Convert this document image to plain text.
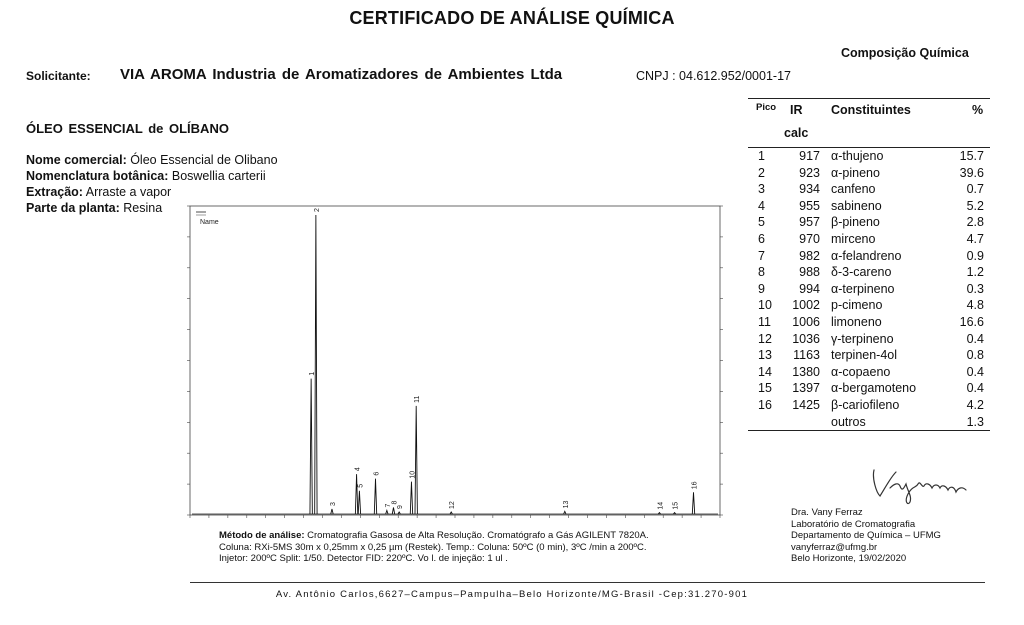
CERTIFICADO DE ANÁLISE QUÍMICA
Composição Química
Solicitante: VIA AROMA Industria de Aromatizadores de Ambientes Ltda	CNPJ : 04.612.952/0001-17
ÓLEO ESSENCIAL de OLÍBANO
Nome comercial: Óleo Essencial de Olibano
Nomenclatura botânica: Boswellia carterii
Extração: Arraste a vapor
Parte da planta: Resina
Pico IR
calc
Constituintes	%
1	917 α-thujeno	15.7
2	923 α-pineno	39.6
3	934 canfeno	0.7
4	955 sabineno	5.2
5	957 β-pineno	2.8
6	970 mirceno	4.7
7	982 α-felandreno	0.9
8	988 δ-3-careno	1.2
9	994 α-terpineno	0.3
10	1002 p-cimeno	4.8
11	1006 limoneno	16.6
12	1036 γ-terpineno	0.4
13	1163 terpinen-4ol	0.8
14	1380 α-copaeno	0.4
15	1397 α-bergamoteno	0.4
16	1425 β-cariofileno	4.2
outros	1.3
Name
1
2
3
4
5
6
7
8
9
10
11
12	13	14 15
16
Método de análise: Cromatografia Gasosa de Alta Resolução. Cromatógrafo a Gás AGILENT 7820A.
Coluna: RXi-5MS 30m x 0,25mm x 0,25 µm (Restek). Temp.: Coluna: 50ºC (0 min), 3ºC /min a 200ºC.
Injetor: 200ºC Split: 1/50. Detector FID: 220ºC. Vo l. de injeção: 1 ul .
Dra. Vany Ferraz
Laboratório de Cromatografia
Departamento de Química – UFMG
vanyferraz@ufmg.br
Belo Horizonte, 19/02/2020
Av. Antônio Carlos,6627–Campus–Pampulha–Belo Horizonte/MG-Brasil -Cep:31.270-901
